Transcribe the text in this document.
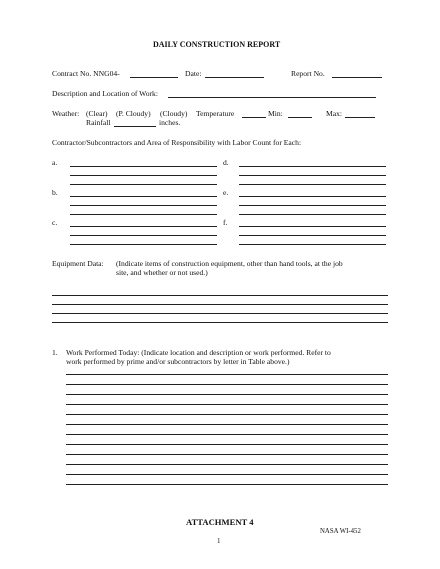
DAILY CONSTRUCTION REPORT
Contract No. NNG04-	Date:	Report No.
Description and Location of Work:
Weather: (Clear) (P. Cloudy) (Cloudy) Temperature	Min:	Max:
Rainfall	inches.
Contractor/Subcontractors and Area of Responsibility with Labor Count for Each:
a.	d.
b.	e.
c.	f.
Equipment Data: (Indicate items of construction equipment, other than hand tools, at the job
site, and whether or not used.)
1. Work Performed Today: (Indicate location and description or work performed. Refer to
work performed by prime and/or subcontractors by letter in Table above.)
ATTACHMENT 4
NASA WI-452
1
